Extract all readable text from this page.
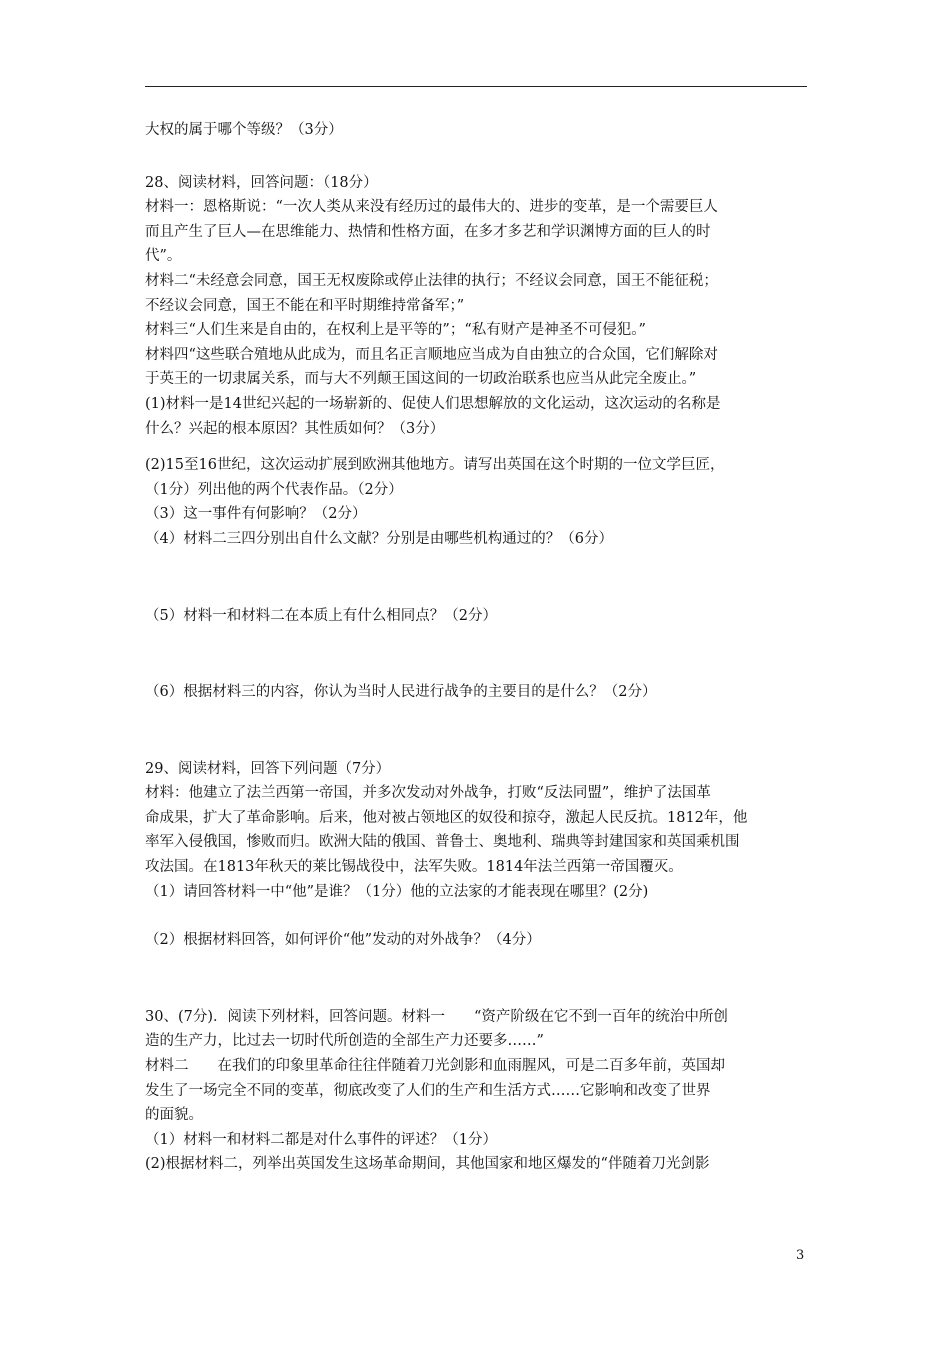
大权的属于哪个等级？（3分）
28、阅读材料，回答问题：（18分）
材料一：恩格斯说：“一次人类从来没有经历过的最伟大的、进步的变革，是一个需要巨人
而且产生了巨人—在思维能力、热情和性格方面，在多才多艺和学识渊博方面的巨人的时
代”。
材料二“未经意会同意，国王无权废除或停止法律的执行；不经议会同意，国王不能征税；
不经议会同意，国王不能在和平时期维持常备军；”
材料三“人们生来是自由的，在权利上是平等的”；“私有财产是神圣不可侵犯。”
材料四“这些联合殖地从此成为，而且名正言顺地应当成为自由独立的合众国，它们解除对
于英王的一切隶属关系，而与大不列颠王国这间的一切政治联系也应当从此完全废止。”
(1)材料一是14世纪兴起的一场崭新的、促使人们思想解放的文化运动，这次运动的名称是
什么？兴起的根本原因？其性质如何？（3分）
(2)15至16世纪，这次运动扩展到欧洲其他地方。请写出英国在这个时期的一位文学巨匠，
（1分）列出他的两个代表作品。（2分）
（3）这一事件有何影响？（2分）
（4）材料二三四分别出自什么文献？分别是由哪些机构通过的？（6分）
（5）材料一和材料二在本质上有什么相同点？（2分）
（6）根据材料三的内容，你认为当时人民进行战争的主要目的是什么？（2分）
29、阅读材料，回答下列问题（7分）
材料：他建立了法兰西第一帝国，并多次发动对外战争，打败“反法同盟”，维护了法国革
命成果，扩大了革命影响。后来，他对被占领地区的奴役和掠夺，激起人民反抗。1812年，他
率军入侵俄国，惨败而归。欧洲大陆的俄国、普鲁士、奥地利、瑞典等封建国家和英国乘机围
攻法国。在1813年秋天的莱比锡战役中，法军失败。1814年法兰西第一帝国覆灭。
（1）请回答材料一中“他”是谁？（1分）他的立法家的才能表现在哪里？(2分)
（2）根据材料回答，如何评价“他”发动的对外战争？（4分）
30、(7分)．阅读下列材料，回答问题。材料一　　“资产阶级在它不到一百年的统治中所创
造的生产力，比过去一切时代所创造的全部生产力还要多……”
材料二　　在我们的印象里革命往往伴随着刀光剑影和血雨腥风，可是二百多年前，英国却
发生了一场完全不同的变革，彻底改变了人们的生产和生活方式……它影响和改变了世界
的面貌。
（1）材料一和材料二都是对什么事件的评述？（1分）
(2)根据材料二，列举出英国发生这场革命期间，其他国家和地区爆发的“伴随着刀光剑影
3
